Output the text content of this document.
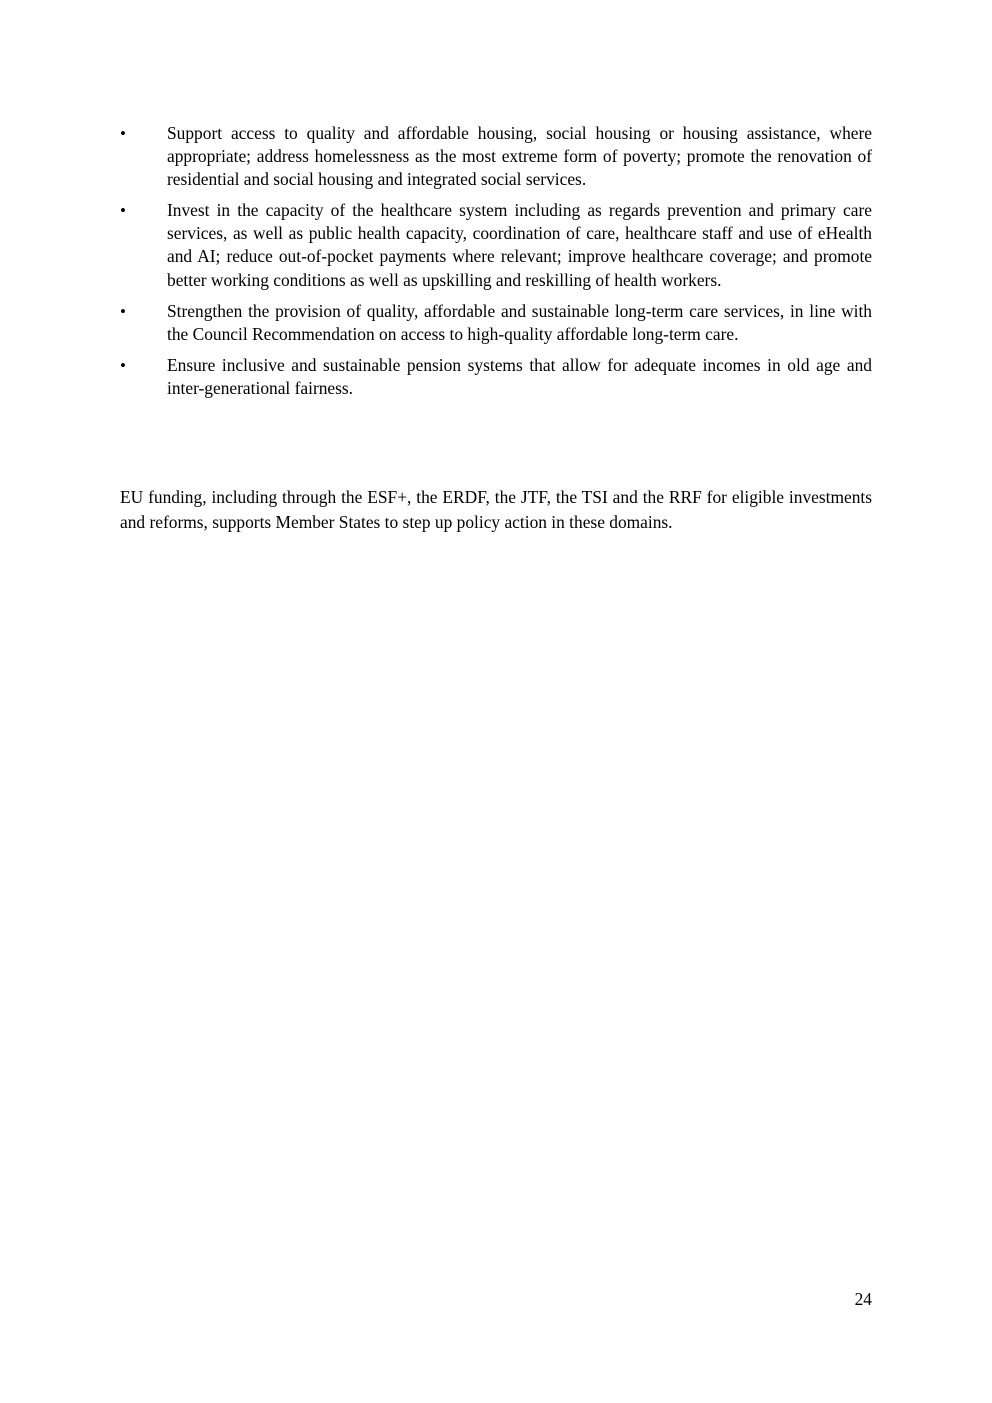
•	Support access to quality and affordable housing, social housing or housing assistance, where appropriate; address homelessness as the most extreme form of poverty; promote the renovation of residential and social housing and integrated social services.
•	Invest in the capacity of the healthcare system including as regards prevention and primary care services, as well as public health capacity, coordination of care, healthcare staff and use of eHealth and AI; reduce out-of-pocket payments where relevant; improve healthcare coverage; and promote better working conditions as well as upskilling and reskilling of health workers.
•	Strengthen the provision of quality, affordable and sustainable long-term care services, in line with the Council Recommendation on access to high-quality affordable long-term care.
•	Ensure inclusive and sustainable pension systems that allow for adequate incomes in old age and inter-generational fairness.

EU funding, including through the ESF+, the ERDF, the JTF, the TSI and the RRF for eligible investments and reforms, supports Member States to step up policy action in these domains.

24
